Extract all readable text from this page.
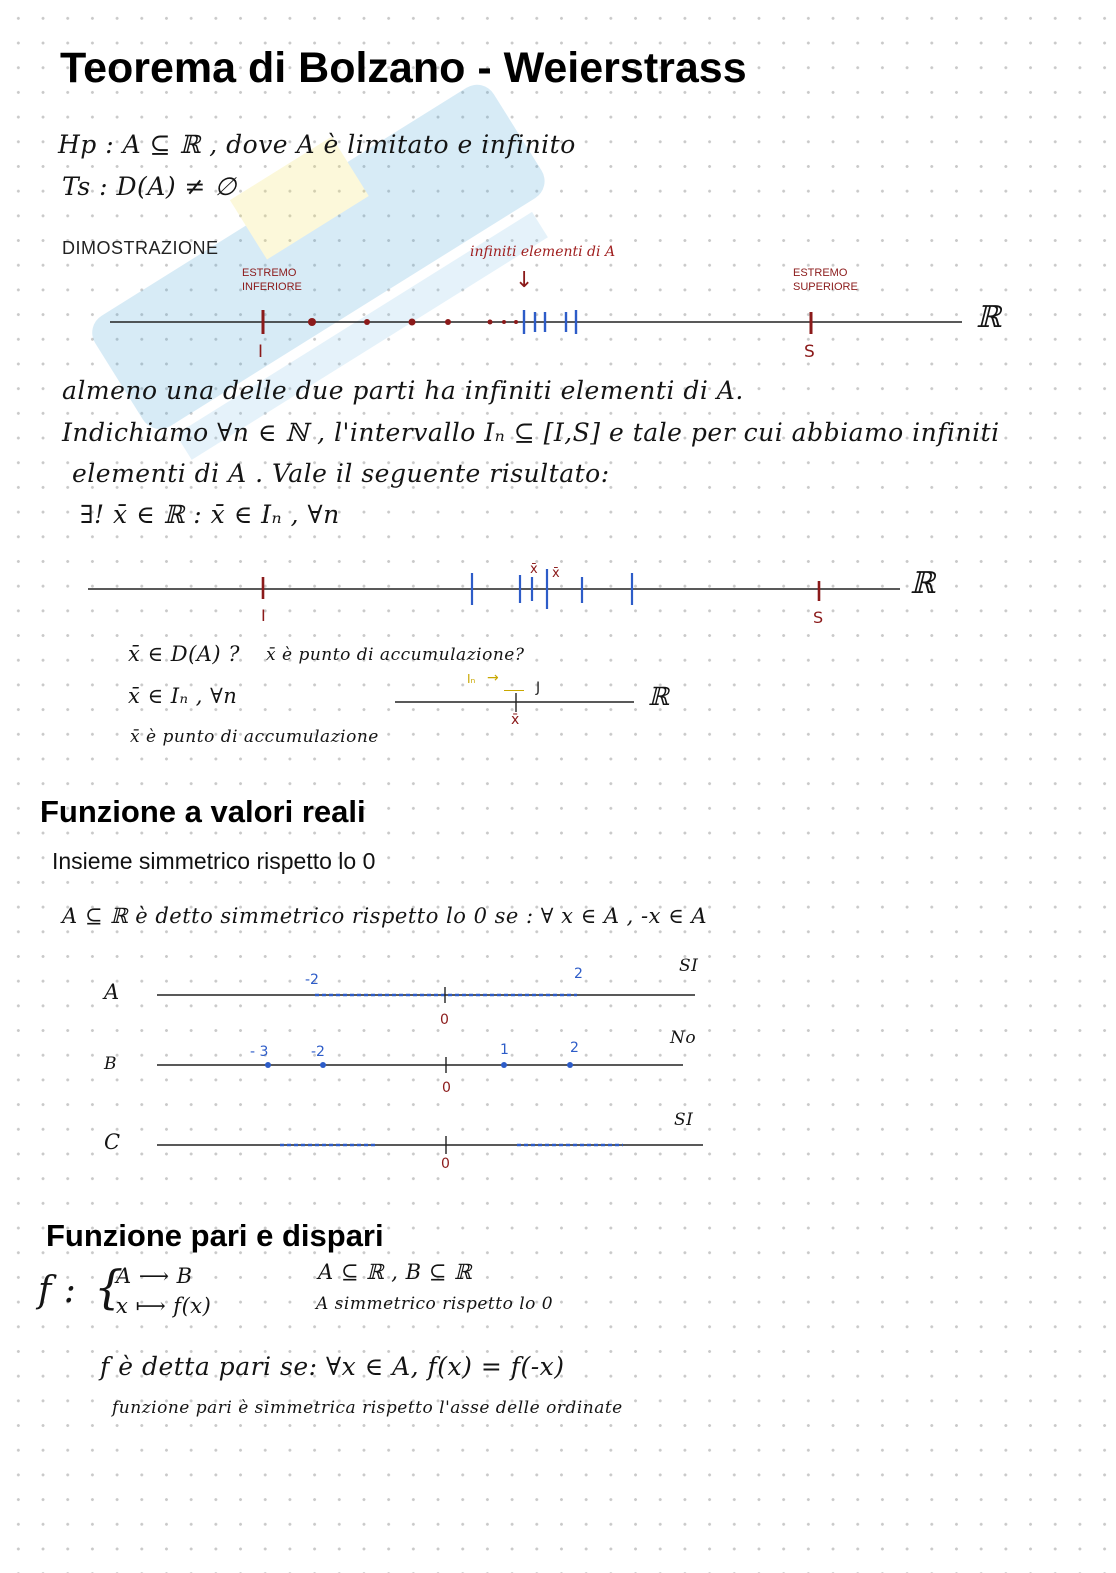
Teorema di Bolzano - Weierstrass
Hp : A ⊆ ℝ , dove A è limitato e infinito
Ts : D(A) ≠ ∅
DIMOSTRAZIONE
ESTREMO
INFERIORE
ESTREMO
SUPERIORE
infiniti elementi di A
↓
ℝ
I	S
almeno una delle due parti ha infiniti elementi di A.
Indichiamo ∀n ∈ ℕ , l'intervallo Iₙ ⊆ [I,S] e tale per cui abbiamo infiniti
elementi di A . Vale il seguente risultato:
∃! x̄ ∈ ℝ : x̄ ∈ Iₙ , ∀n
ℝ
I	S
x̄ x̄
x̄ ∈ D(A) ? x̄ è punto di accumulazione?
x̄ ∈ Iₙ , ∀n
x̄ è punto di accumulazione
Iₙ →
J
x̄
ℝ
Funzione a valori reali
Insieme simmetrico rispetto lo 0
A ⊆ ℝ è detto simmetrico rispetto lo 0 se : ∀ x ∈ A , -x ∈ A
A
SI
-2	2
0
B
No
- 3	-2	1	2
0
C
SI
0
Funzione pari e dispari
f : {
A ⟶ B
x ⟼ f(x)
A ⊆ ℝ , B ⊆ ℝ
A simmetrico rispetto lo 0
f è detta pari se: ∀x ∈ A, f(x) = f(-x)
funzione pari è simmetrica rispetto l'asse delle ordinate
